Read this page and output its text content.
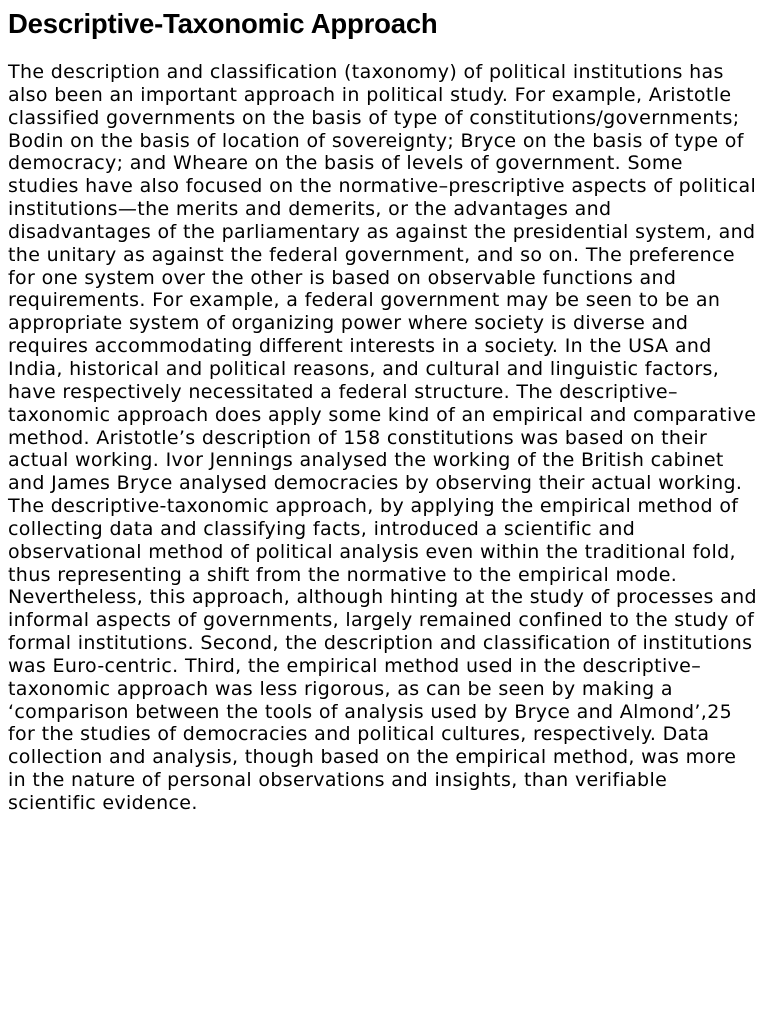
Descriptive-Taxonomic Approach

The description and classification (taxonomy) of political institutions has also been an important approach in political study. For example, Aristotle classified governments on the basis of type of constitutions/governments; Bodin on the basis of location of sovereignty; Bryce on the basis of type of democracy; and Wheare on the basis of levels of government. Some studies have also focused on the normative–prescriptive aspects of political institutions—the merits and demerits, or the advantages and disadvantages of the parliamentary as against the presidential system, and the unitary as against the federal government, and so on. The preference for one system over the other is based on observable functions and requirements. For example, a federal government may be seen to be an appropriate system of organizing power where society is diverse and requires accommodating different interests in a society. In the USA and India, historical and political reasons, and cultural and linguistic factors, have respectively necessitated a federal structure. The descriptive–taxonomic approach does apply some kind of an empirical and comparative method. Aristotle’s description of 158 constitutions was based on their actual working. Ivor Jennings analysed the working of the British cabinet and James Bryce analysed democracies by observing their actual working. The descriptive-taxonomic approach, by applying the empirical method of collecting data and classifying facts, introduced a scientific and observational method of political analysis even within the traditional fold, thus representing a shift from the normative to the empirical mode. Nevertheless, this approach, although hinting at the study of processes and informal aspects of governments, largely remained confined to the study of formal institutions. Second, the description and classification of institutions was Euro-centric. Third, the empirical method used in the descriptive–taxonomic approach was less rigorous, as can be seen by making a ‘comparison between the tools of analysis used by Bryce and Almond’,25 for the studies of democracies and political cultures, respectively. Data collection and analysis, though based on the empirical method, was more in the nature of personal observations and insights, than verifiable scientific evidence.
